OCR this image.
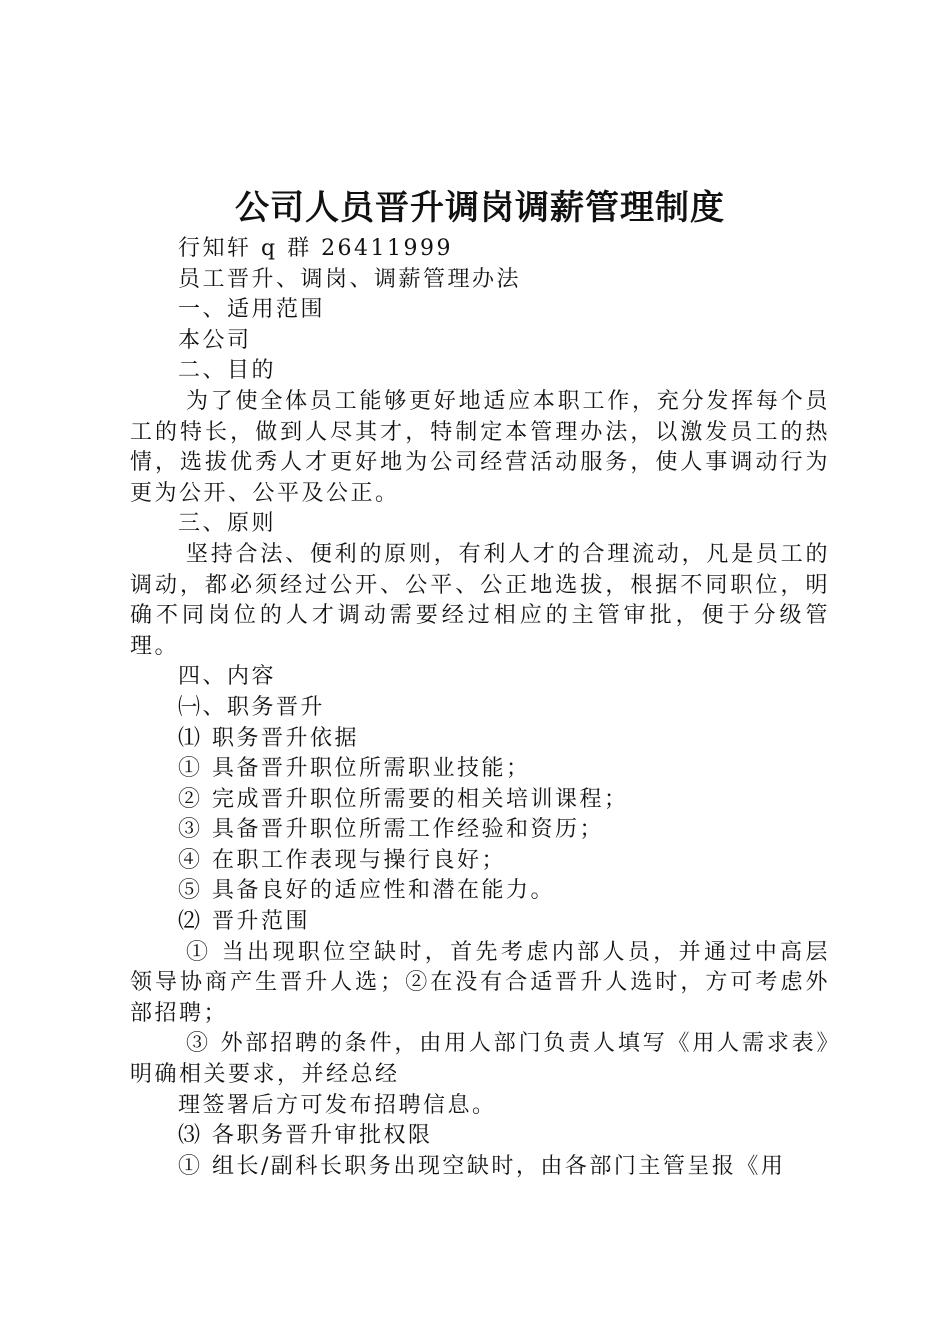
公司人员晋升调岗调薪管理制度

行知轩 q 群 26411999

员工晋升、调岗、调薪管理办法

一、适用范围

本公司

二、目的

为了使全体员工能够更好地适应本职工作，充分发挥每个员工的特长，做到人尽其才，特制定本管理办法，以激发员工的热情，选拔优秀人才更好地为公司经营活动服务，使人事调动行为更为公开、公平及公正。

三、原则

坚持合法、便利的原则，有利人才的合理流动，凡是员工的调动，都必须经过公开、公平、公正地选拔，根据不同职位，明确不同岗位的人才调动需要经过相应的主管审批，便于分级管理。

四、内容

㈠、职务晋升

⑴ 职务晋升依据

① 具备晋升职位所需职业技能；

② 完成晋升职位所需要的相关培训课程；

③ 具备晋升职位所需工作经验和资历；

④ 在职工作表现与操行良好；

⑤ 具备良好的适应性和潜在能力。

⑵ 晋升范围

① 当出现职位空缺时，首先考虑内部人员，并通过中高层领导协商产生晋升人选；②在没有合适晋升人选时，方可考虑外部招聘；

③ 外部招聘的条件，由用人部门负责人填写《用人需求表》明确相关要求，并经总经

理签署后方可发布招聘信息。

⑶ 各职务晋升审批权限

① 组长/副科长职务出现空缺时，由各部门主管呈报《用
